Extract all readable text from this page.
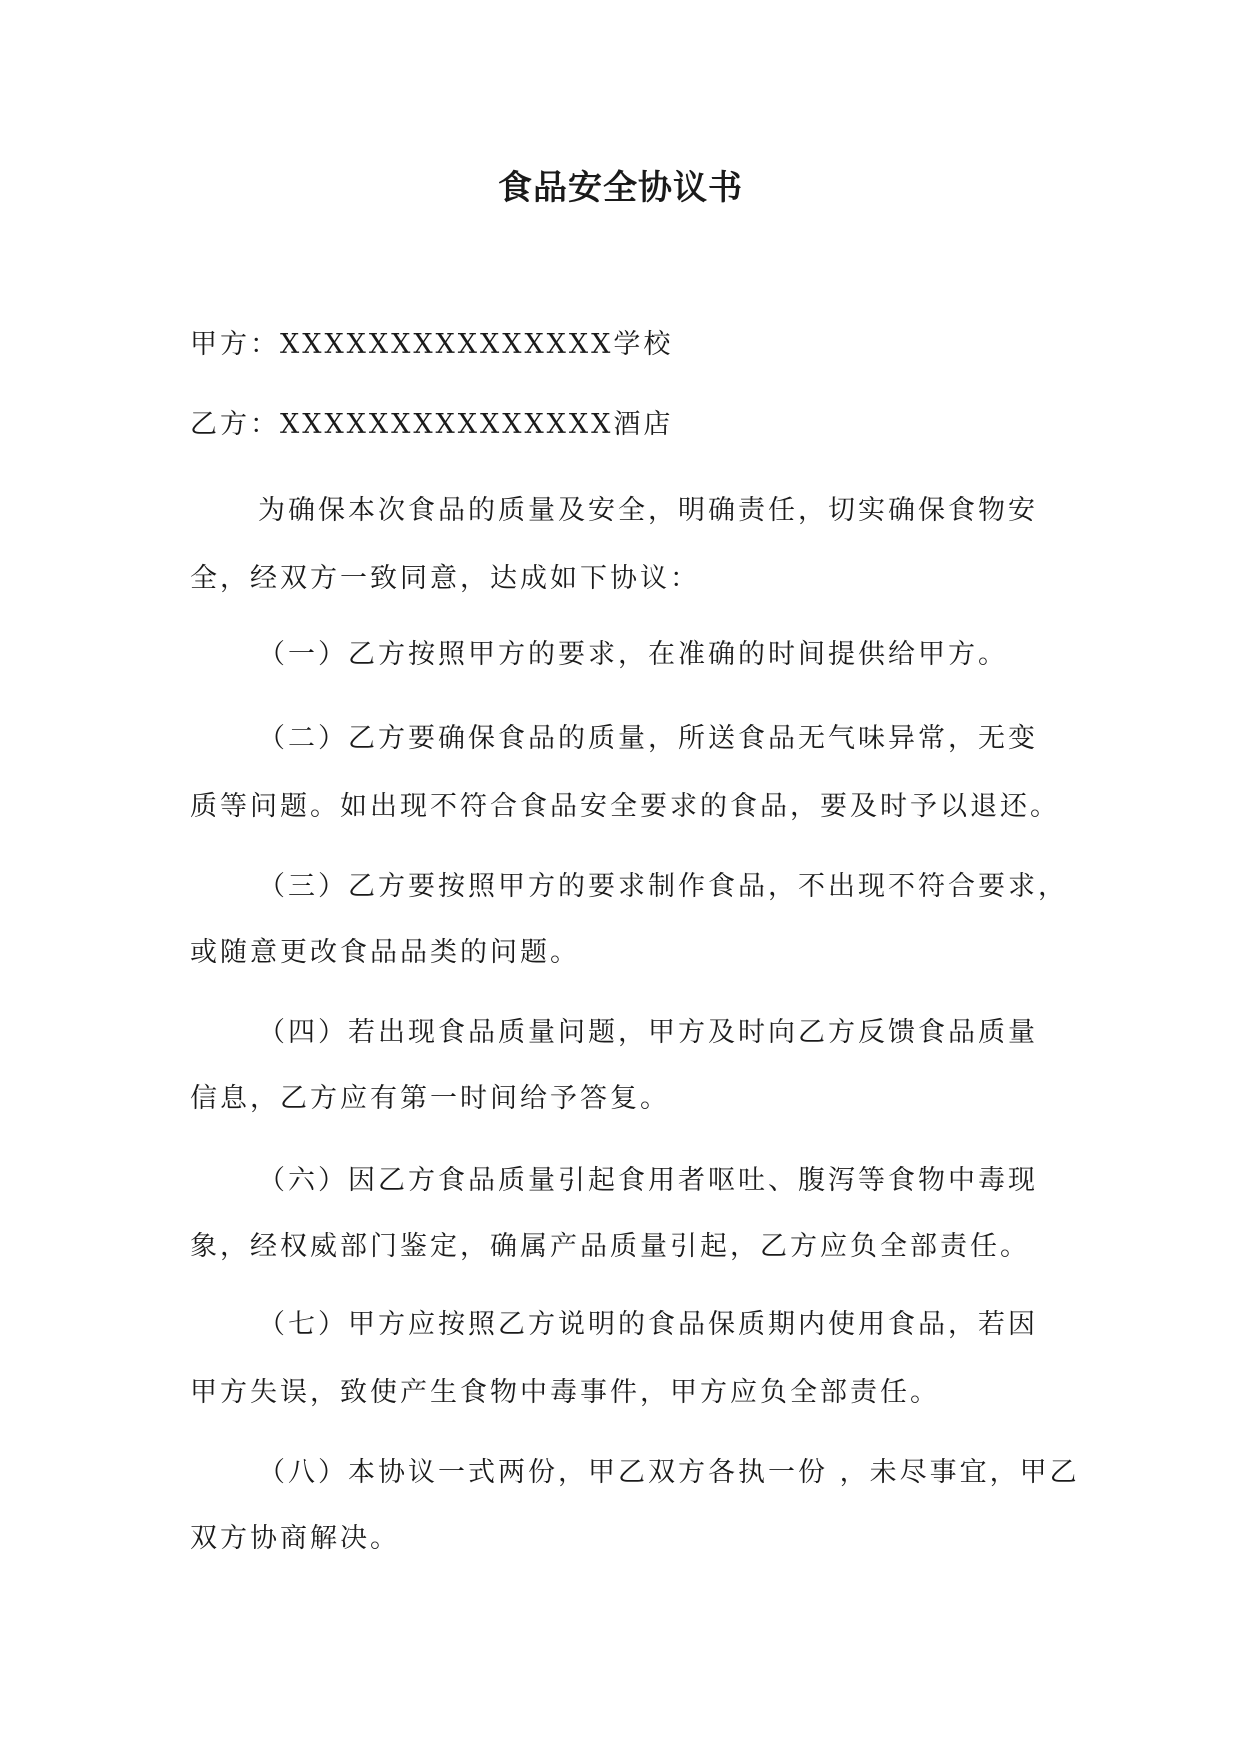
食品安全协议书
甲方：XXXXXXXXXXXXXXX学校
乙方：XXXXXXXXXXXXXXX酒店
为确保本次食品的质量及安全，明确责任，切实确保食物安
全，经双方一致同意，达成如下协议：
（一）乙方按照甲方的要求，在准确的时间提供给甲方。
（二）乙方要确保食品的质量，所送食品无气味异常，无变
质等问题。如出现不符合食品安全要求的食品，要及时予以退还。
（三）乙方要按照甲方的要求制作食品，不出现不符合要求，
或随意更改食品品类的问题。
（四）若出现食品质量问题，甲方及时向乙方反馈食品质量
信息，乙方应有第一时间给予答复。
（六）因乙方食品质量引起食用者呕吐、腹泻等食物中毒现
象，经权威部门鉴定，确属产品质量引起，乙方应负全部责任。
（七）甲方应按照乙方说明的食品保质期内使用食品，若因
甲方失误，致使产生食物中毒事件，甲方应负全部责任。
（八）本协议一式两份，甲乙双方各执一份 ，未尽事宜，甲乙
双方协商解决。
